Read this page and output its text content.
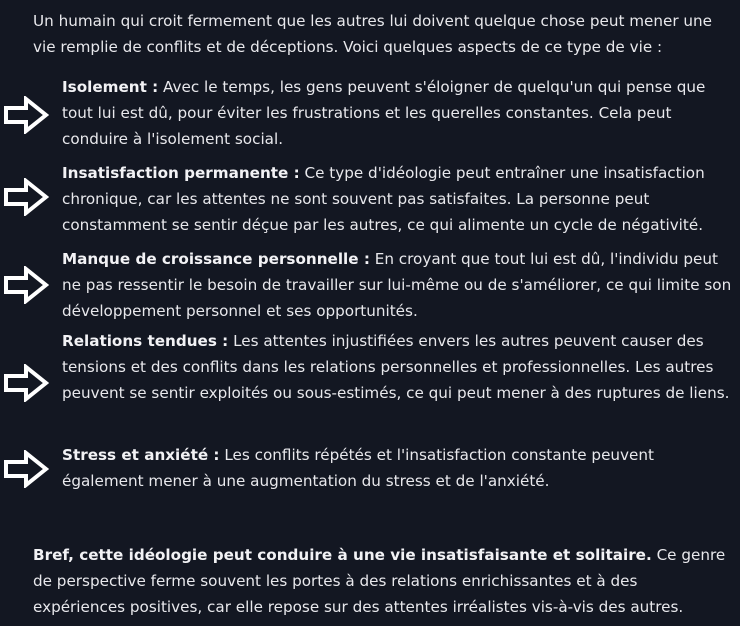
Un humain qui croit fermement que les autres lui doivent quelque chose peut mener une vie remplie de conflits et de déceptions. Voici quelques aspects de ce type de vie :

Isolement : Avec le temps, les gens peuvent s'éloigner de quelqu'un qui pense que tout lui est dû, pour éviter les frustrations et les querelles constantes. Cela peut conduire à l'isolement social.

Insatisfaction permanente : Ce type d'idéologie peut entraîner une insatisfaction chronique, car les attentes ne sont souvent pas satisfaites. La personne peut constamment se sentir déçue par les autres, ce qui alimente un cycle de négativité.

Manque de croissance personnelle : En croyant que tout lui est dû, l'individu peut ne pas ressentir le besoin de travailler sur lui-même ou de s'améliorer, ce qui limite son développement personnel et ses opportunités.

Relations tendues : Les attentes injustifiées envers les autres peuvent causer des tensions et des conflits dans les relations personnelles et professionnelles. Les autres peuvent se sentir exploités ou sous-estimés, ce qui peut mener à des ruptures de liens.

Stress et anxiété : Les conflits répétés et l'insatisfaction constante peuvent également mener à une augmentation du stress et de l'anxiété.

Bref, cette idéologie peut conduire à une vie insatisfaisante et solitaire. Ce genre de perspective ferme souvent les portes à des relations enrichissantes et à des expériences positives, car elle repose sur des attentes irréalistes vis-à-vis des autres.
